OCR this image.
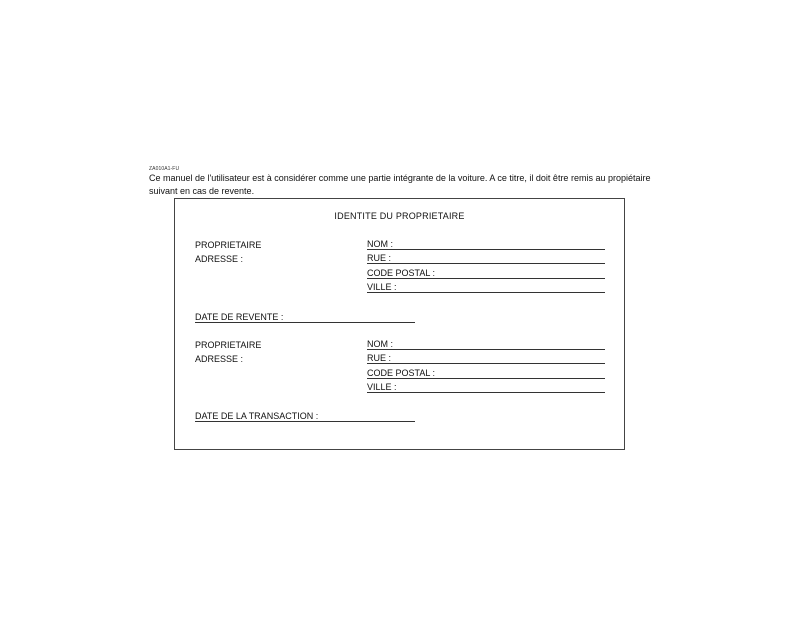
ZA010A1-FU
Ce manuel de l'utilisateur est à considérer comme une partie intégrante de la voiture. A ce titre, il doit être remis au propiétaire suivant en cas de revente.
IDENTITE DU PROPRIETAIRE
PROPRIETAIRE
ADRESSE :
NOM :
RUE :
CODE POSTAL :
VILLE :
DATE DE REVENTE :
PROPRIETAIRE
ADRESSE :
NOM :
RUE :
CODE POSTAL :
VILLE :
DATE DE LA TRANSACTION :
